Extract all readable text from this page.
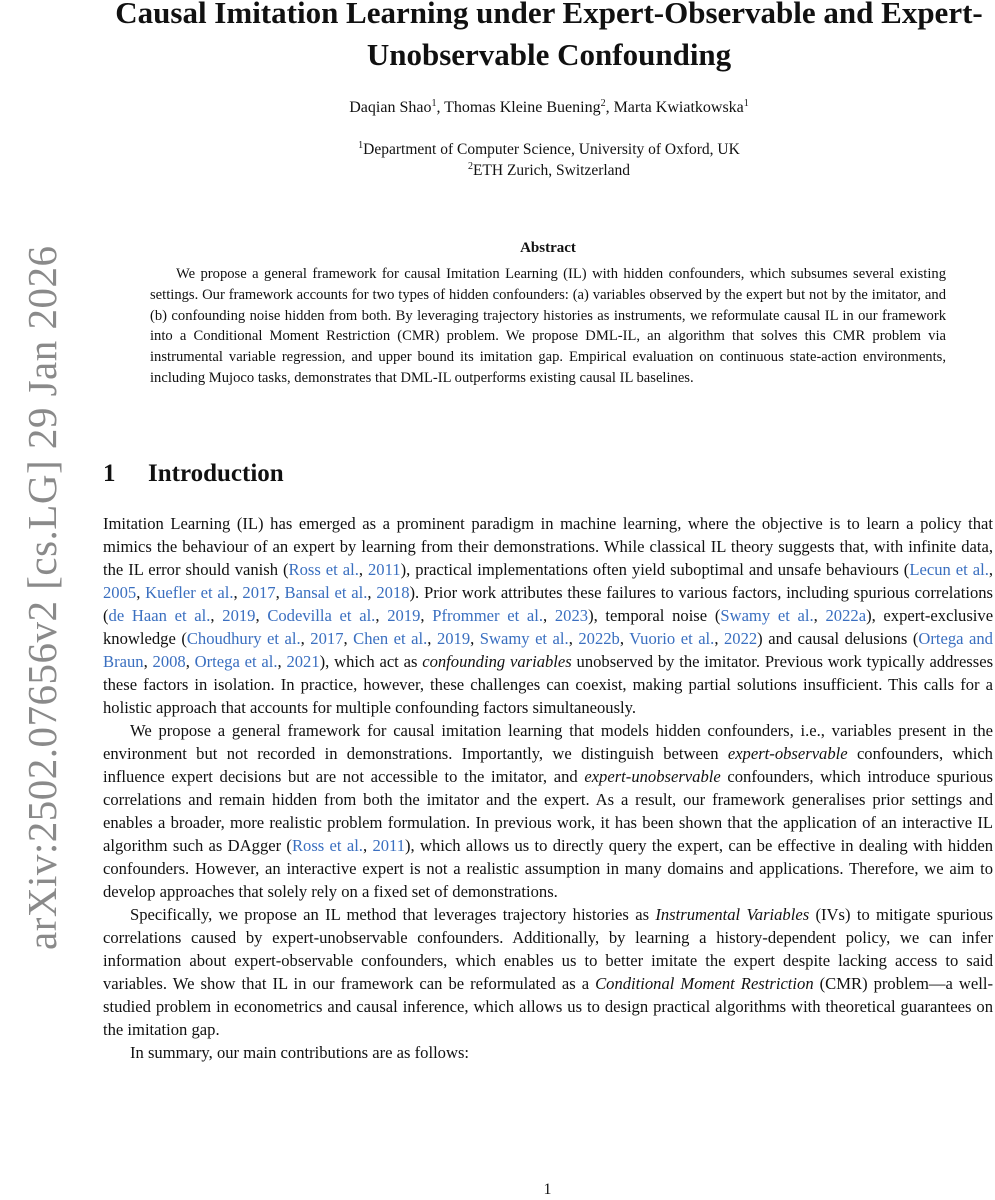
arXiv:2502.07656v2 [cs.LG] 29 Jan 2026
Causal Imitation Learning under Expert-Observable and Expert-Unobservable Confounding
Daqian Shao$^1$, Thomas Kleine Buening$^2$, Marta Kwiatkowska$^1$
$^1$Department of Computer Science, University of Oxford, UK
$^2$ETH Zurich, Switzerland
Abstract
We propose a general framework for causal Imitation Learning (IL) with hidden confounders, which subsumes several existing settings. Our framework accounts for two types of hidden confounders: (a) variables observed by the expert but not by the imitator, and (b) confounding noise hidden from both. By leveraging trajectory histories as instruments, we reformulate causal IL in our framework into a Conditional Moment Restriction (CMR) problem. We propose DML-IL, an algorithm that solves this CMR problem via instrumental variable regression, and upper bound its imitation gap. Empirical evaluation on continuous state-action environments, including Mujoco tasks, demonstrates that DML-IL outperforms existing causal IL baselines.
1 Introduction

Imitation Learning (IL) has emerged as a prominent paradigm in machine learning, where the objective is to learn a policy that mimics the behaviour of an expert by learning from their demonstrations. While classical IL theory suggests that, with infinite data, the IL error should vanish (Ross et al., 2011), practical implementations often yield suboptimal and unsafe behaviours (Lecun et al., 2005, Kuefler et al., 2017, Bansal et al., 2018). Prior work attributes these failures to various factors, including spurious correlations (de Haan et al., 2019, Codevilla et al., 2019, Pfrommer et al., 2023), temporal noise (Swamy et al., 2022a), expert-exclusive knowledge (Choudhury et al., 2017, Chen et al., 2019, Swamy et al., 2022b, Vuorio et al., 2022) and causal delusions (Ortega and Braun, 2008, Ortega et al., 2021), which act as confounding variables unobserved by the imitator. Previous work typically addresses these factors in isolation. In practice, however, these challenges can coexist, making partial solutions insufficient. This calls for a holistic approach that accounts for multiple confounding factors simultaneously.

We propose a general framework for causal imitation learning that models hidden confounders, i.e., variables present in the environment but not recorded in demonstrations. Importantly, we distinguish between expert-observable confounders, which influence expert decisions but are not accessible to the imitator, and expert-unobservable confounders, which introduce spurious correlations and remain hidden from both the imitator and the expert. As a result, our framework generalises prior settings and enables a broader, more realistic problem formulation. In previous work, it has been shown that the application of an interactive IL algorithm such as DAgger (Ross et al., 2011), which allows us to directly query the expert, can be effective in dealing with hidden confounders. However, an interactive expert is not a realistic assumption in many domains and applications. Therefore, we aim to develop approaches that solely rely on a fixed set of demonstrations.

Specifically, we propose an IL method that leverages trajectory histories as Instrumental Variables (IVs) to mitigate spurious correlations caused by expert-unobservable confounders. Additionally, by learning a history-dependent policy, we can infer information about expert-observable confounders, which enables us to better imitate the expert despite lacking access to said variables. We show that IL in our framework can be reformulated as a Conditional Moment Restriction (CMR) problem—a well-studied problem in econometrics and causal inference, which allows us to design practical algorithms with theoretical guarantees on the imitation gap.

In summary, our main contributions are as follows:

1
